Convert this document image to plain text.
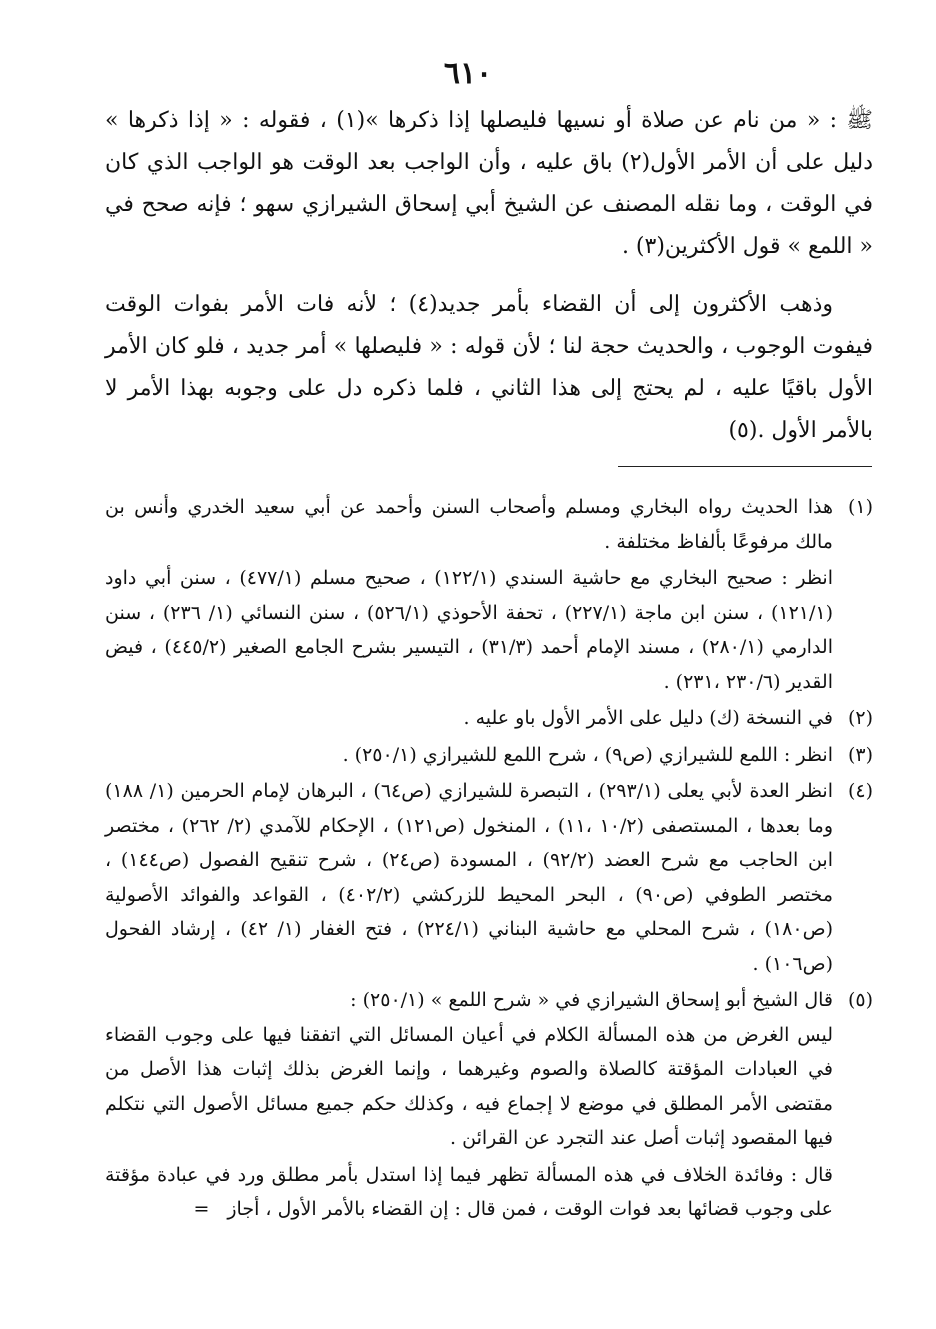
٦١٠

ﷺ : « من نام عن صلاة أو نسيها فليصلها إذا ذكرها »(١) ، فقوله : « إذا ذكرها » دليل على أن الأمر الأول(٢) باق عليه ، وأن الواجب بعد الوقت هو الواجب الذي كان في الوقت ، وما نقله المصنف عن الشيخ أبي إسحاق الشيرازي سهو ؛ فإنه صحح في « اللمع » قول الأكثرين(٣) .

وذهب الأكثرون إلى أن القضاء بأمر جديد(٤) ؛ لأنه فات الأمر بفوات الوقت فيفوت الوجوب ، والحديث حجة لنا ؛ لأن قوله : « فليصلها » أمر جديد ، فلو كان الأمر الأول باقيًا عليه ، لم يحتج إلى هذا الثاني ، فلما ذكره دل على وجوبه بهذا الأمر لا بالأمر الأول .(٥)

(١)
هذا الحديث رواه البخاري ومسلم وأصحاب السنن وأحمد عن أبي سعيد الخدري وأنس بن مالك مرفوعًا بألفاظ مختلفة .
انظر : صحيح البخاري مع حاشية السندي (١٢٢/١) ، صحيح مسلم (٤٧٧/١) ، سنن أبي داود (١٢١/١) ، سنن ابن ماجة (٢٢٧/١) ، تحفة الأحوذي (٥٢٦/١) ، سنن النسائي (١/ ٢٣٦) ، سنن الدارمي (٢٨٠/١) ، مسند الإمام أحمد (٣١/٣) ، التيسير بشرح الجامع الصغير (٤٤٥/٢) ، فيض القدير (٢٣٠/٦ ،٢٣١) .
(٢)
في النسخة (ك) دليل على الأمر الأول باو عليه .
(٣)
انظر : اللمع للشيرازي (ص٩) ، شرح اللمع للشيرازي (٢٥٠/١) .
(٤)
انظر العدة لأبي يعلى (٢٩٣/١) ، التبصرة للشيرازي (ص٦٤) ، البرهان لإمام الحرمين (١/ ١٨٨) وما بعدها ، المستصفى (١٠/٢ ،١١) ، المنخول (ص١٢١) ، الإحكام للآمدي (٢/ ٢٦٢) ، مختصر ابن الحاجب مع شرح العضد (٩٢/٢) ، المسودة (ص٢٤) ، شرح تنقيح الفصول (ص١٤٤) ، مختصر الطوفي (ص٩٠) ، البحر المحيط للزركشي (٤٠٢/٢) ، القواعد والفوائد الأصولية (ص١٨٠) ، شرح المحلي مع حاشية البناني (٢٢٤/١) ، فتح الغفار (١/ ٤٢) ، إرشاد الفحول (ص١٠٦) .
(٥)
قال الشيخ أبو إسحاق الشيرازي في « شرح اللمع » (٢٥٠/١) :
ليس الغرض من هذه المسألة الكلام في أعيان المسائل التي اتفقنا فيها على وجوب القضاء في العبادات المؤقتة كالصلاة والصوم وغيرهما ، وإنما الغرض بذلك إثبات هذا الأصل من مقتضى الأمر المطلق في موضع لا إجماع فيه ، وكذلك حكم جميع مسائل الأصول التي نتكلم فيها المقصود إثبات أصل عند التجرد عن القرائن .
قال : وفائدة الخلاف في هذه المسألة تظهر فيما إذا استدل بأمر مطلق ورد في عبادة مؤقتة على وجوب قضائها بعد فوات الوقت ، فمن قال : إن القضاء بالأمر الأول ، أجاز=
